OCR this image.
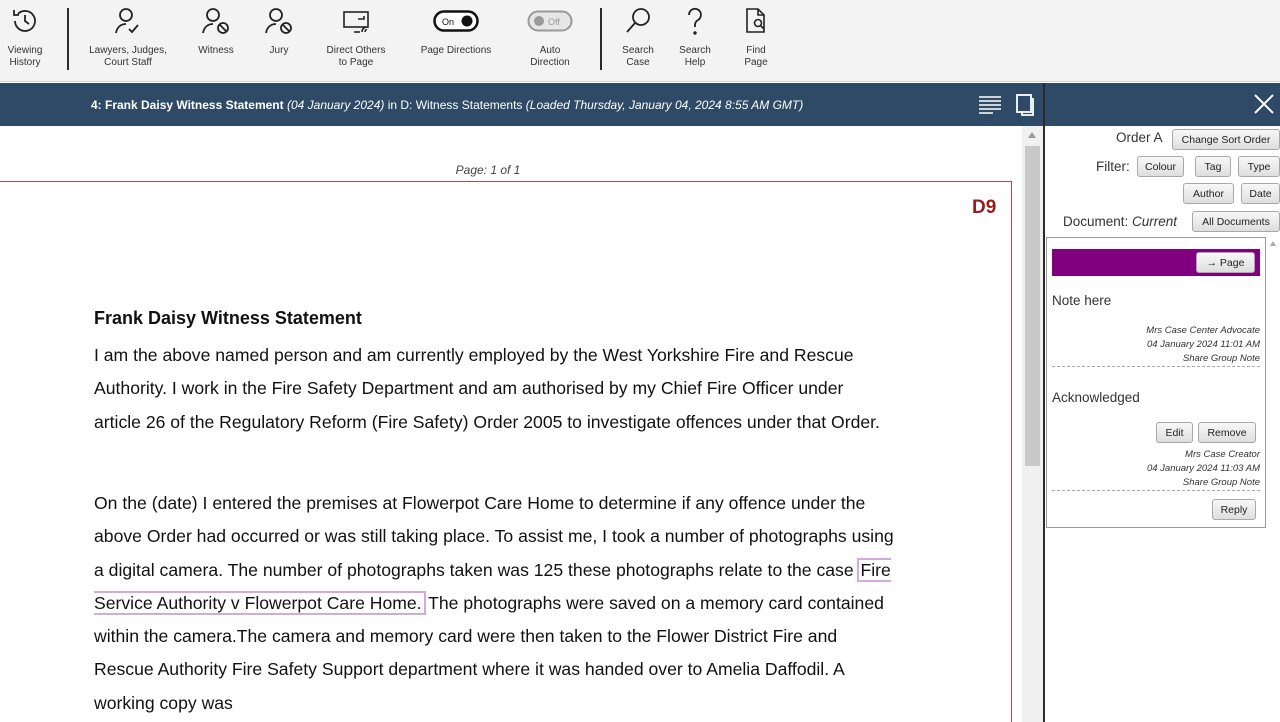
Viewing
History
Lawyers, Judges,
Court Staff
Witness	Jury	Direct Others
to Page
On
Page Directions
Off
Auto
Direction
Search
Case
Search
Help
Find
Page
4: Frank Daisy Witness Statement (04 January 2024) in D: Witness Statements (Loaded Thursday, January 04, 2024 8:55 AM GMT)
Page: 1 of 1
D9
Frank Daisy Witness Statement
I am the above named person and am currently employed by the West Yorkshire Fire and Rescue Authority. I work in the Fire Safety Department and am authorised by my Chief Fire Officer under article 26 of the Regulatory Reform (Fire Safety) Order 2005 to investigate offences under that Order.
On the (date) I entered the premises at Flowerpot Care Home to determine if any offence under the above Order had occurred or was still taking place. To assist me, I took a number of photographs using a digital camera. The number of photographs taken was 125 these photographs relate to the case Fire Service Authority v Flowerpot Care Home. The photographs were saved on a memory card contained within the camera.The camera and memory card were then taken to the Flower District Fire and Rescue Authority Fire Safety Support department where it was handed over to Amelia Daffodil. A working copy was
Order A	Change Sort Order
Filter:	Colour	Tag	Type
Author	Date
Document: Current	All Documents
→ Page
Note here
Mrs Case Center Advocate
04 January 2024 11:01 AM
Share Group Note
Acknowledged
Edit	Remove
Mrs Case Creator
04 January 2024 11:03 AM
Share Group Note
Reply
